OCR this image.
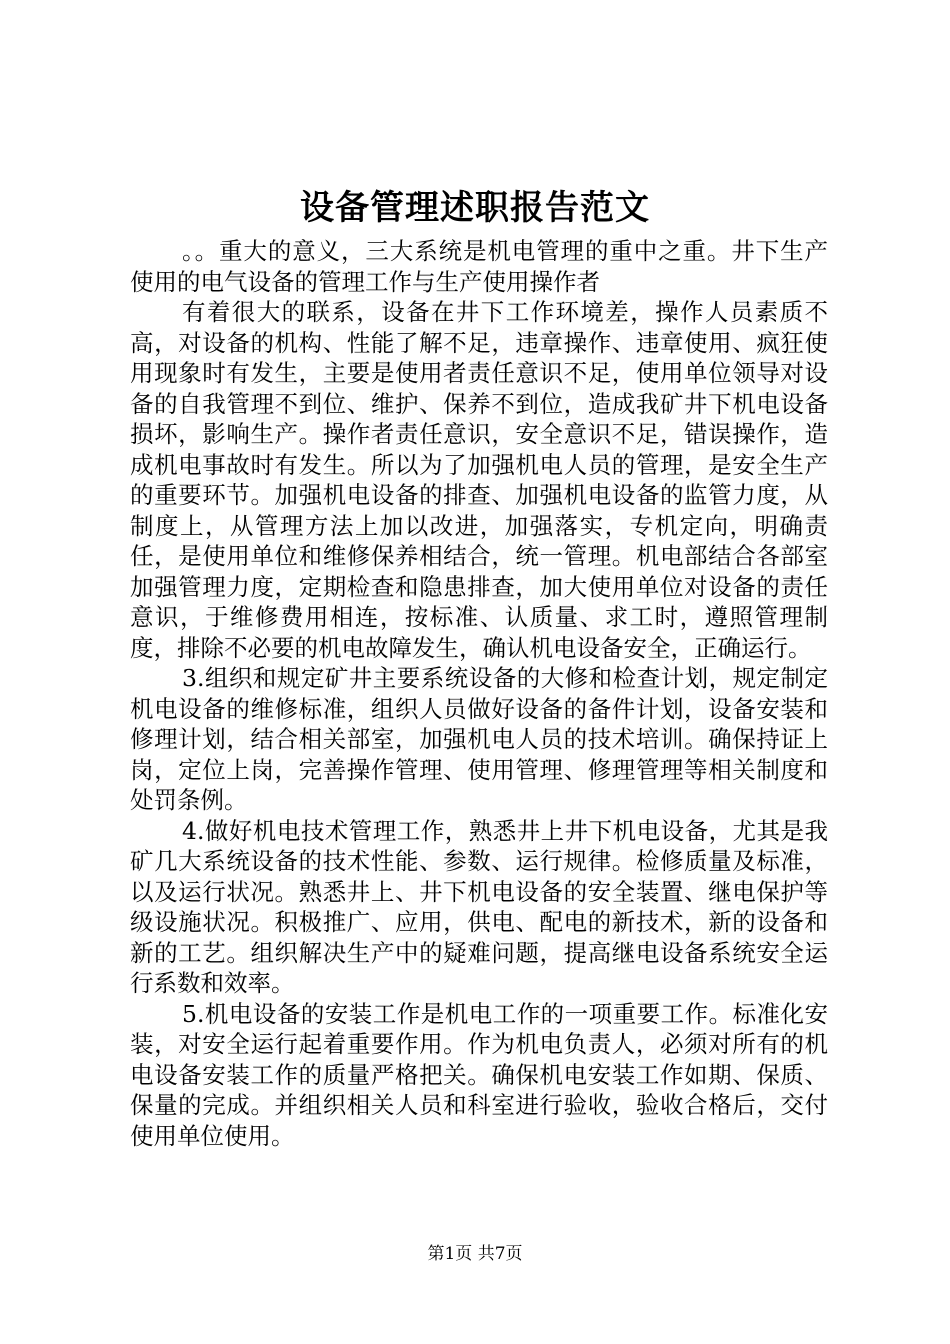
设备管理述职报告范文

。。重大的意义，三大系统是机电管理的重中之重。井下生产使用的电气设备的管理工作与生产使用操作者

有着很大的联系，设备在井下工作环境差，操作人员素质不高，对设备的机构、性能了解不足，违章操作、违章使用、疯狂使用现象时有发生，主要是使用者责任意识不足，使用单位领导对设备的自我管理不到位、维护、保养不到位，造成我矿井下机电设备损坏，影响生产。操作者责任意识，安全意识不足，错误操作，造成机电事故时有发生。所以为了加强机电人员的管理，是安全生产的重要环节。加强机电设备的排查、加强机电设备的监管力度，从制度上，从管理方法上加以改进，加强落实，专机定向，明确责任，是使用单位和维修保养相结合，统一管理。机电部结合各部室加强管理力度，定期检查和隐患排查，加大使用单位对设备的责任意识，于维修费用相连，按标准、认质量、求工时，遵照管理制度，排除不必要的机电故障发生，确认机电设备安全，正确运行。

3.组织和规定矿井主要系统设备的大修和检查计划，规定制定机电设备的维修标准，组织人员做好设备的备件计划，设备安装和修理计划，结合相关部室，加强机电人员的技术培训。确保持证上岗，定位上岗，完善操作管理、使用管理、修理管理等相关制度和处罚条例。

4.做好机电技术管理工作，熟悉井上井下机电设备，尤其是我矿几大系统设备的技术性能、参数、运行规律。检修质量及标准，以及运行状况。熟悉井上、井下机电设备的安全装置、继电保护等级设施状况。积极推广、应用，供电、配电的新技术，新的设备和新的工艺。组织解决生产中的疑难问题，提高继电设备系统安全运行系数和效率。

5.机电设备的安装工作是机电工作的一项重要工作。标准化安装，对安全运行起着重要作用。作为机电负责人，必须对所有的机电设备安装工作的质量严格把关。确保机电安装工作如期、保质、保量的完成。并组织相关人员和科室进行验收，验收合格后，交付使用单位使用。

第1页 共7页
